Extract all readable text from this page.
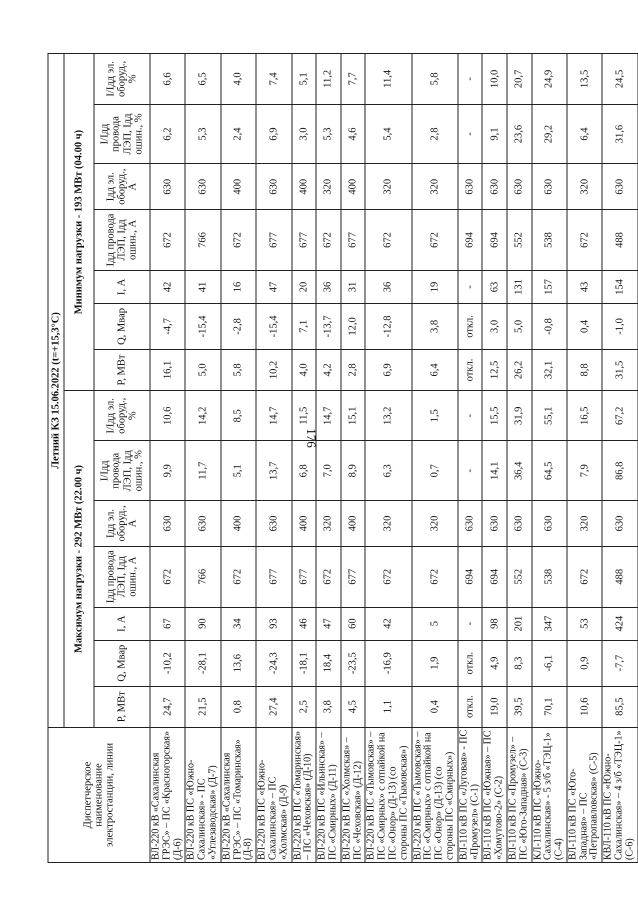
176
Диспетчерское наименование электростанции, линии	Летний КЗ 15.06.2022 (t=+15,3°C)													
	Максимум нагрузки - 292 МВт (22.00 ч)							Минимум нагрузки - 193 МВт (04.00 ч)						
	P, МВт	Q, Мвар	I, А	Iдд провода ЛЭП, Iдд ошин., А	Iдд эл. оборуд., А	I/Iдд провода ЛЭП, Iдд ошин., %	I/Iдд эл. оборуд., %	P, МВт	Q, Мвар	I, А	Iдд провода ЛЭП, Iдд ошин., А	Iдд эл. оборуд., А	I/Iдд провода ЛЭП, Iдд ошин., %	I/Iдд эл. оборуд., %
ВЛ-220 кВ «Сахалинская ГРЭС» – ПС «Красногорская» (Д-6)	24,7	-10,2	67	672	630	9,9	10,6	16,1	-4,7	42	672	630	6,2	6,6
ВЛ-220 кВ ПС «Южно-Сахалинская» - ПС «Углезаводская» (Д-7)	21,5	-28,1	90	766	630	11,7	14,2	5,0	-15,4	41	766	630	5,3	6,5
ВЛ-220 кВ «Сахалинская ГРЭС» – ПС «Томаринская» (Д-8)	0,8	13,6	34	672	400	5,1	8,5	5,8	-2,8	16	672	400	2,4	4,0
ВЛ-220 кВ ПС «Южно-Сахалинская» – ПС «Холмская» (Д-9)	27,4	-24,3	93	677	630	13,7	14,7	10,2	-15,4	47	677	630	6,9	7,4
ВЛ-220 кВ ПС «Томаринская» – ПС «Чеховская» (Д-10)	2,5	-18,1	46	677	400	6,8	11,5	4,0	7,1	20	677	400	3,0	5,1
ВЛ-220 кВ ПС «Ильинская» – ПС «Смирных» (Д-11)	3,8	18,4	47	672	320	7,0	14,7	4,2	-13,7	36	672	320	5,3	11,2
ВЛ-220 кВ ПС «Холмская» – ПС «Чеховская» (Д-12)	4,5	-23,5	60	677	400	8,9	15,1	2,8	12,0	31	677	400	4,6	7,7
ВЛ-220 кВ ПС «Тымовская» – ПС «Смирных» с отпайкой на ПС «Онор» (Д-13) (со стороны ПС «Тымовская»)	1,1	-16,9	42	672	320	6,3	13,2	6,9	-12,8	36	672	320	5,4	11,4
ВЛ-220 кВ ПС «Тымовская» – ПС «Смирных» с отпайкой на ПС «Онор» (Д-13) (со стороны ПС «Смирных»)	0,4	1,9	5	672	320	0,7	1,5	6,4	3,8	19	672	320	2,8	5,8
ВЛ-110 кВ ПС «Луговая» - ПС «Промузел» (С-1)	откл.	откл.	-	694	630	-	-	откл.	откл.	-	694	630	-	-
ВЛ-110 кВ ПС «Южная» – ПС «Хомутово-2» (С-2)	19,0	4,9	98	694	630	14,1	15,5	12,5	3,0	63	694	630	9,1	10,0
ВЛ-110 кВ ПС «Промузел» – ПС «Юго-Западная» (С-3)	39,5	8,3	201	552	630	36,4	31,9	26,2	5,0	131	552	630	23,6	20,7
КЛ-110 кВ ПС «Южно-Сахалинская» - 5 з/б «ТЭЦ-1» (С-4)	70,1	-6,1	347	538	630	64,5	55,1	32,1	-0,8	157	538	630	29,2	24,9
ВЛ-110 кВ ПС «Юго-Западная» – ПС «Петропавловская» (С-5)	10,6	0,9	53	672	320	7,9	16,5	8,8	0,4	43	672	320	6,4	13,5
КВЛ-110 кВ ПС «Южно-Сахалинская» – 4 з/б «ТЭЦ-1» (С-6)	85,5	-7,7	424	488	630	86,8	67,2	31,5	-1,0	154	488	630	31,6	24,5
